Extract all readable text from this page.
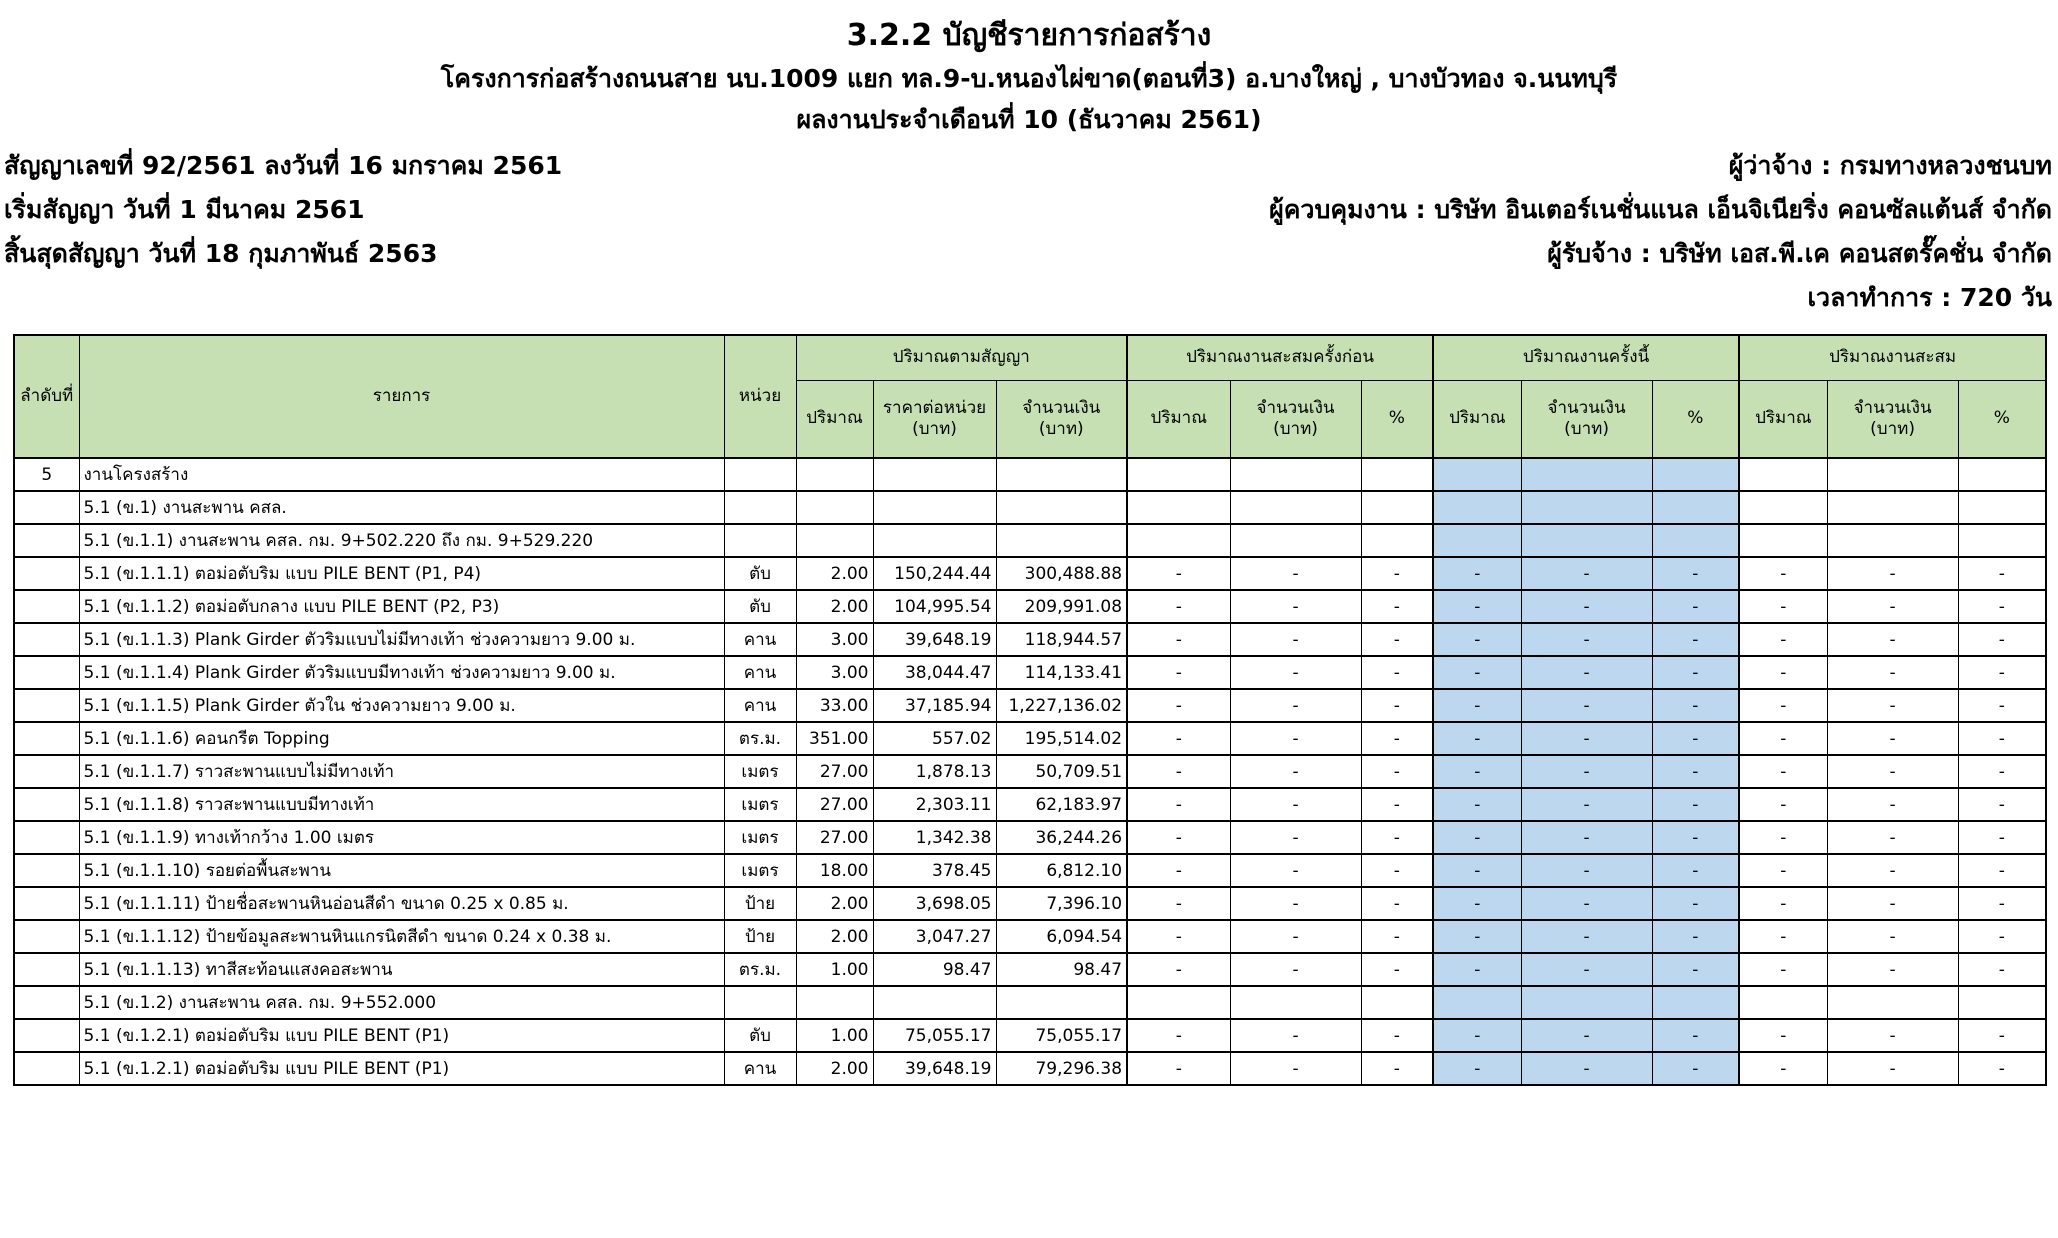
3.2.2 บัญชีรายการก่อสร้าง
โครงการก่อสร้างถนนสาย นบ.1009 แยก ทล.9-บ.หนองไผ่ขาด(ตอนที่3) อ.บางใหญ่ , บางบัวทอง จ.นนทบุรี
ผลงานประจำเดือนที่ 10 (ธันวาคม 2561)
สัญญาเลขที่ 92/2561 ลงวันที่ 16 มกราคม 2561
เริ่มสัญญา วันที่ 1 มีนาคม 2561
สิ้นสุดสัญญา วันที่ 18 กุมภาพันธ์ 2563
ผู้ว่าจ้าง : กรมทางหลวงชนบท
ผู้ควบคุมงาน : บริษัท อินเตอร์เนชั่นแนล เอ็นจิเนียริ่ง คอนซัลแต้นส์ จำกัด
ผู้รับจ้าง : บริษัท เอส.พี.เค คอนสตรั๊คชั่น จำกัด
เวลาทำการ : 720 วัน
ลำดับที่	รายการ	หน่วย	ปริมาณตามสัญญา			ปริมาณงานสะสมครั้งก่อน			ปริมาณงานครั้งนี้			ปริมาณงานสะสม		
			ปริมาณ	ราคาต่อหน่วย (บาท)	จำนวนเงิน (บาท)	ปริมาณ	จำนวนเงิน (บาท)	%	ปริมาณ	จำนวนเงิน (บาท)	%	ปริมาณ	จำนวนเงิน (บาท)	%
5	งานโครงสร้าง													
	5.1 (ข.1) งานสะพาน คสล.													
	5.1 (ข.1.1) งานสะพาน คสล. กม. 9+502.220 ถึง กม. 9+529.220													
	5.1 (ข.1.1.1) ตอม่อตับริม แบบ PILE BENT (P1, P4)	ตับ	2.00	150,244.44	300,488.88	-	-	-	-	-	-	-	-	-
	5.1 (ข.1.1.2) ตอม่อตับกลาง แบบ PILE BENT (P2, P3)	ตับ	2.00	104,995.54	209,991.08	-	-	-	-	-	-	-	-	-
	5.1 (ข.1.1.3) Plank Girder ตัวริมแบบไม่มีทางเท้า ช่วงความยาว 9.00 ม.	คาน	3.00	39,648.19	118,944.57	-	-	-	-	-	-	-	-	-
	5.1 (ข.1.1.4) Plank Girder ตัวริมแบบมีทางเท้า ช่วงความยาว 9.00 ม.	คาน	3.00	38,044.47	114,133.41	-	-	-	-	-	-	-	-	-
	5.1 (ข.1.1.5) Plank Girder ตัวใน ช่วงความยาว 9.00 ม.	คาน	33.00	37,185.94	1,227,136.02	-	-	-	-	-	-	-	-	-
	5.1 (ข.1.1.6) คอนกรีต Topping	ตร.ม.	351.00	557.02	195,514.02	-	-	-	-	-	-	-	-	-
	5.1 (ข.1.1.7) ราวสะพานแบบไม่มีทางเท้า	เมตร	27.00	1,878.13	50,709.51	-	-	-	-	-	-	-	-	-
	5.1 (ข.1.1.8) ราวสะพานแบบมีทางเท้า	เมตร	27.00	2,303.11	62,183.97	-	-	-	-	-	-	-	-	-
	5.1 (ข.1.1.9) ทางเท้ากว้าง 1.00 เมตร	เมตร	27.00	1,342.38	36,244.26	-	-	-	-	-	-	-	-	-
	5.1 (ข.1.1.10) รอยต่อพื้นสะพาน	เมตร	18.00	378.45	6,812.10	-	-	-	-	-	-	-	-	-
	5.1 (ข.1.1.11) ป้ายชื่อสะพานหินอ่อนสีดำ ขนาด 0.25 x 0.85 ม.	ป้าย	2.00	3,698.05	7,396.10	-	-	-	-	-	-	-	-	-
	5.1 (ข.1.1.12) ป้ายข้อมูลสะพานหินแกรนิตสีดำ ขนาด 0.24 x 0.38 ม.	ป้าย	2.00	3,047.27	6,094.54	-	-	-	-	-	-	-	-	-
	5.1 (ข.1.1.13) ทาสีสะท้อนแสงคอสะพาน	ตร.ม.	1.00	98.47	98.47	-	-	-	-	-	-	-	-	-
	5.1 (ข.1.2) งานสะพาน คสล. กม. 9+552.000													
	5.1 (ข.1.2.1) ตอม่อตับริม แบบ PILE BENT (P1)	ตับ	1.00	75,055.17	75,055.17	-	-	-	-	-	-	-	-	-
	5.1 (ข.1.2.1) ตอม่อตับริม แบบ PILE BENT (P1)	คาน	2.00	39,648.19	79,296.38	-	-	-	-	-	-	-	-	-
